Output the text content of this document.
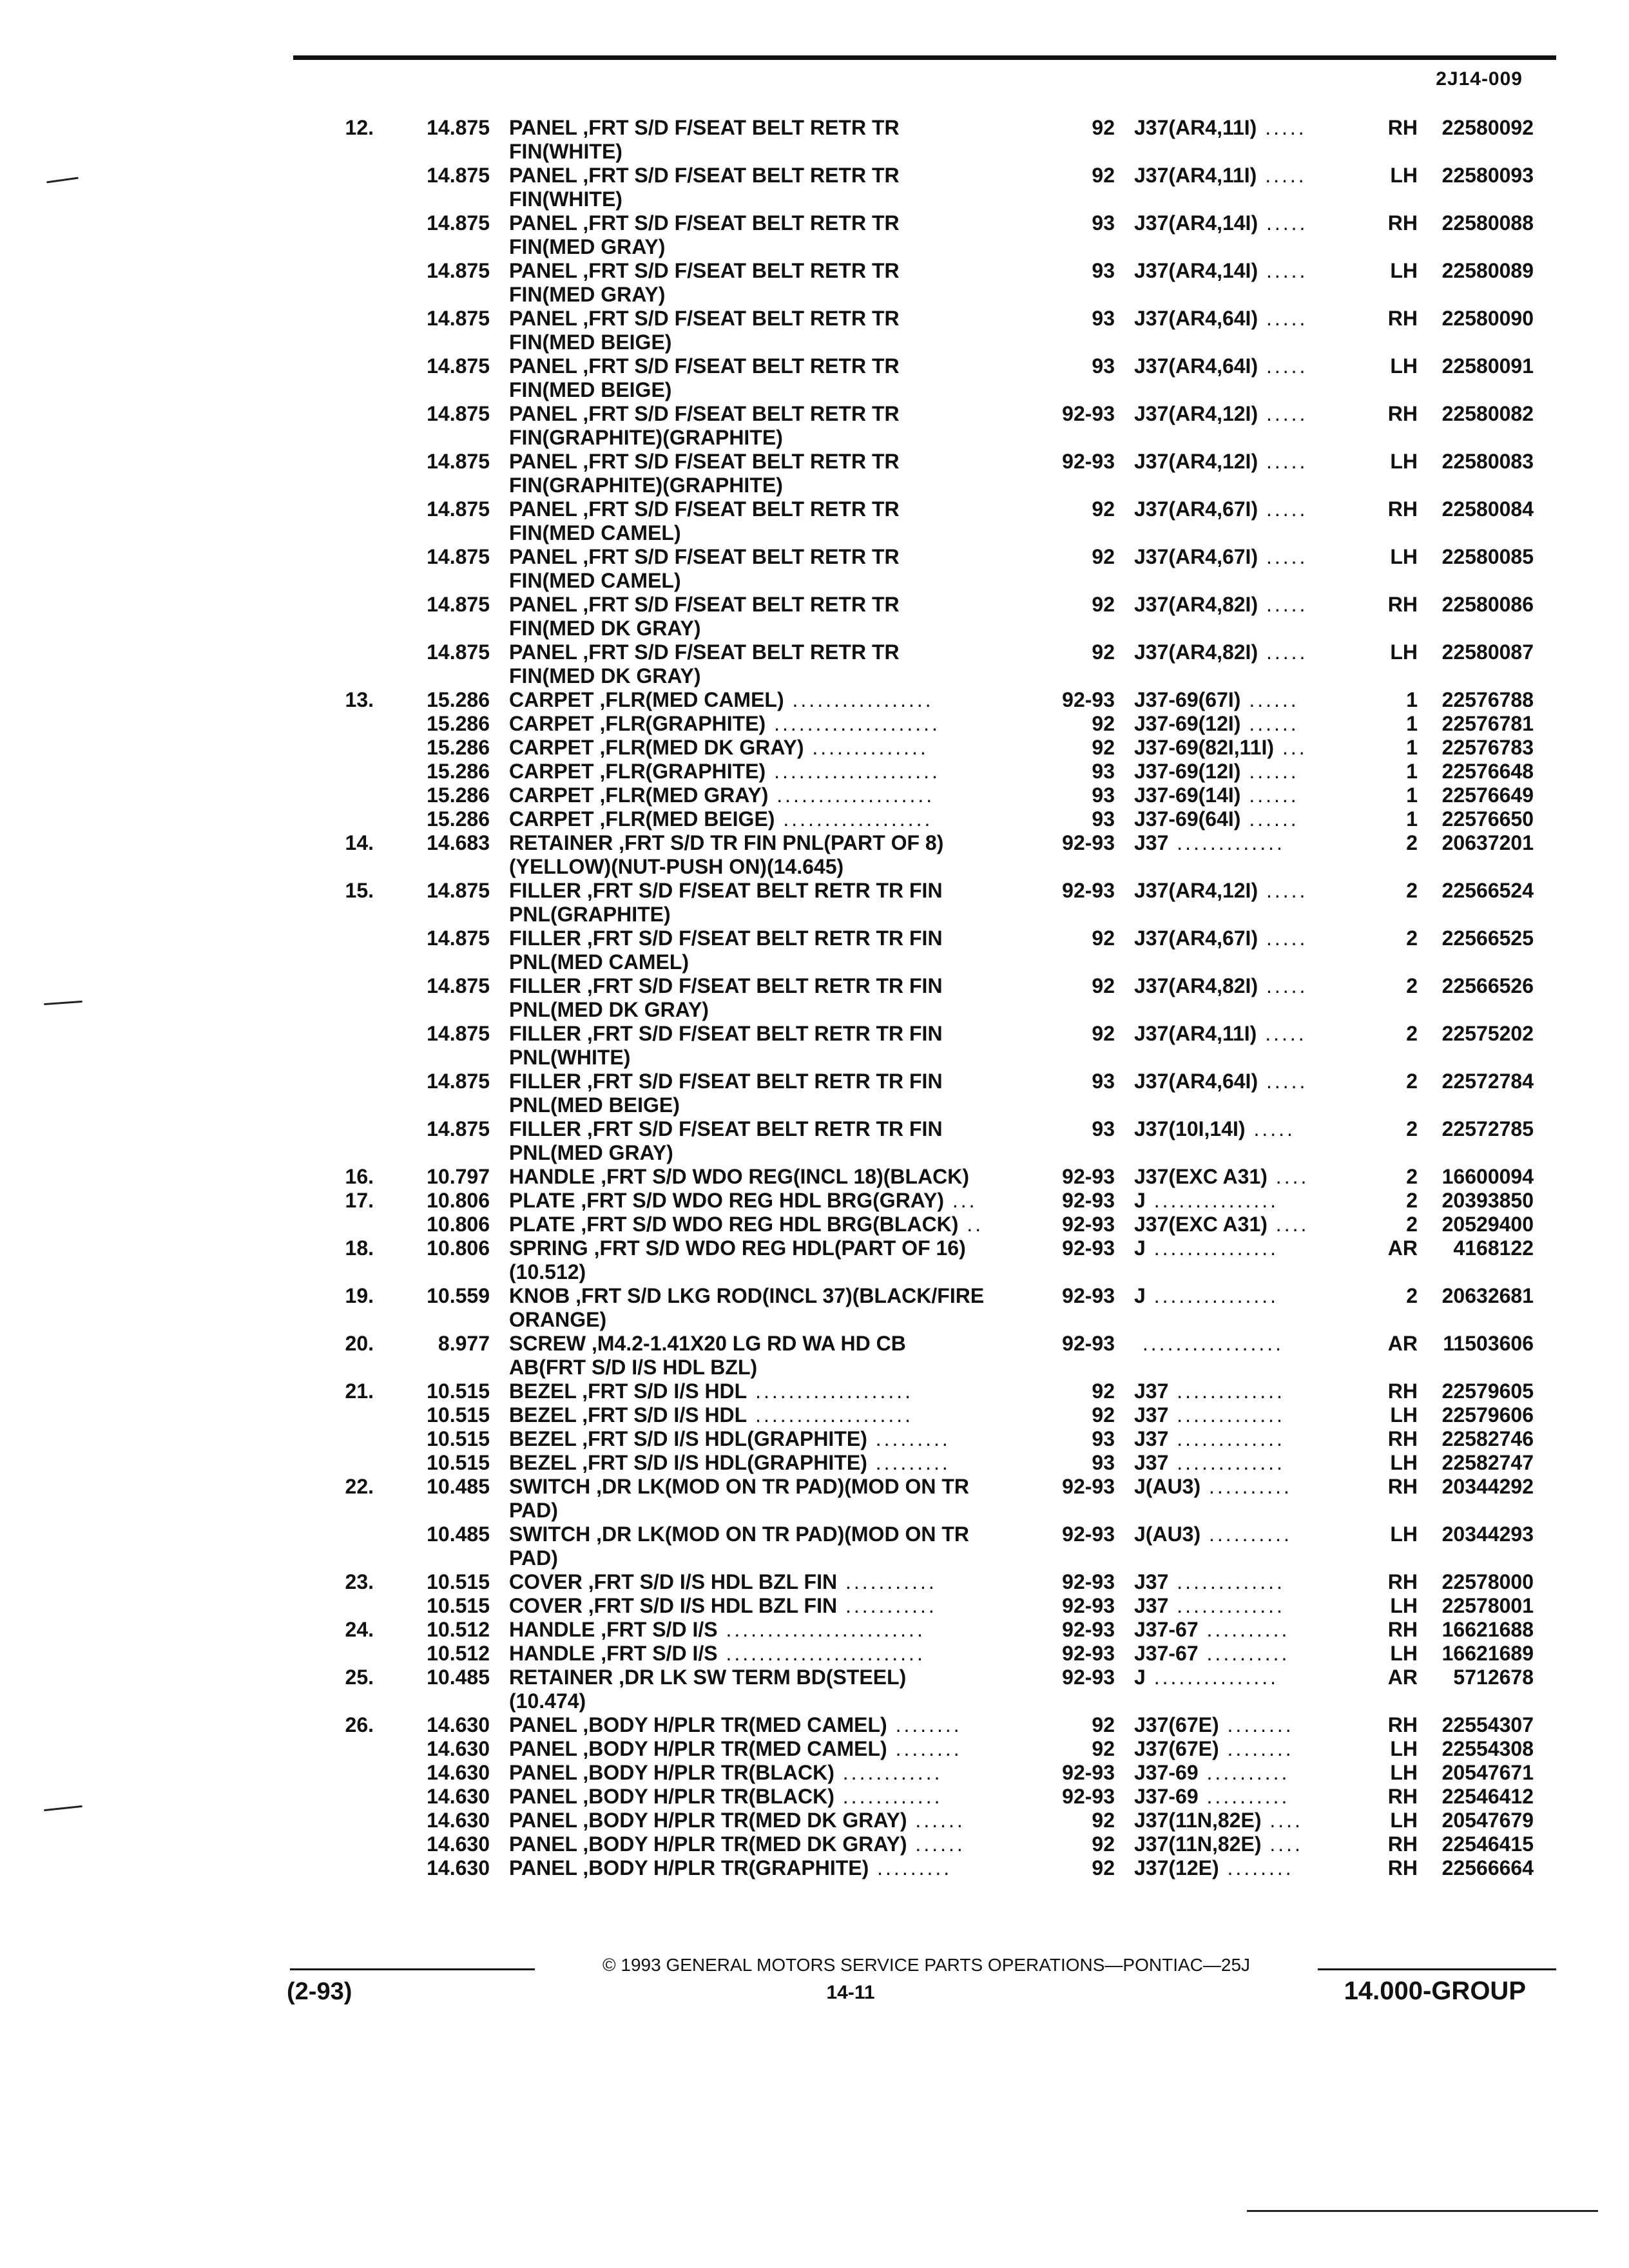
2J14-009
12.	14.875 PANEL ,FRT S/D F/SEAT BELT RETR TR	92 J37(AR4,11I) .....	RH	22580092
FIN(WHITE)
14.875 PANEL ,FRT S/D F/SEAT BELT RETR TR	92 J37(AR4,11I) .....	LH	22580093
FIN(WHITE)
14.875 PANEL ,FRT S/D F/SEAT BELT RETR TR	93 J37(AR4,14I) .....	RH	22580088
FIN(MED GRAY)
14.875 PANEL ,FRT S/D F/SEAT BELT RETR TR	93 J37(AR4,14I) .....	LH	22580089
FIN(MED GRAY)
14.875 PANEL ,FRT S/D F/SEAT BELT RETR TR	93 J37(AR4,64I) .....	RH	22580090
FIN(MED BEIGE)
14.875 PANEL ,FRT S/D F/SEAT BELT RETR TR	93 J37(AR4,64I) .....	LH	22580091
FIN(MED BEIGE)
14.875 PANEL ,FRT S/D F/SEAT BELT RETR TR	92-93 J37(AR4,12I) .....	RH	22580082
FIN(GRAPHITE)(GRAPHITE)
14.875 PANEL ,FRT S/D F/SEAT BELT RETR TR	92-93 J37(AR4,12I) .....	LH	22580083
FIN(GRAPHITE)(GRAPHITE)
14.875 PANEL ,FRT S/D F/SEAT BELT RETR TR	92 J37(AR4,67I) .....	RH	22580084
FIN(MED CAMEL)
14.875 PANEL ,FRT S/D F/SEAT BELT RETR TR	92 J37(AR4,67I) .....	LH	22580085
FIN(MED CAMEL)
14.875 PANEL ,FRT S/D F/SEAT BELT RETR TR	92 J37(AR4,82I) .....	RH	22580086
FIN(MED DK GRAY)
14.875 PANEL ,FRT S/D F/SEAT BELT RETR TR	92 J37(AR4,82I) .....	LH	22580087
FIN(MED DK GRAY)
13.	15.286 CARPET ,FLR(MED CAMEL) .................	92-93 J37-69(67I) ......	1	22576788
15.286 CARPET ,FLR(GRAPHITE) ....................	92 J37-69(12I) ......	1	22576781
15.286 CARPET ,FLR(MED DK GRAY) ..............	92 J37-69(82I,11I) ...	1	22576783
15.286 CARPET ,FLR(GRAPHITE) ....................	93 J37-69(12I) ......	1	22576648
15.286 CARPET ,FLR(MED GRAY) ...................	93 J37-69(14I) ......	1	22576649
15.286 CARPET ,FLR(MED BEIGE) ..................	93 J37-69(64I) ......	1	22576650
14.	14.683 RETAINER ,FRT S/D TR FIN PNL(PART OF 8)	92-93 J37 .............	2	20637201
(YELLOW)(NUT-PUSH ON)(14.645)
15.	14.875 FILLER ,FRT S/D F/SEAT BELT RETR TR FIN	92-93 J37(AR4,12I) .....	2	22566524
PNL(GRAPHITE)
14.875 FILLER ,FRT S/D F/SEAT BELT RETR TR FIN	92 J37(AR4,67I) .....	2	22566525
PNL(MED CAMEL)
14.875 FILLER ,FRT S/D F/SEAT BELT RETR TR FIN	92 J37(AR4,82I) .....	2	22566526
PNL(MED DK GRAY)
14.875 FILLER ,FRT S/D F/SEAT BELT RETR TR FIN	92 J37(AR4,11I) .....	2	22575202
PNL(WHITE)
14.875 FILLER ,FRT S/D F/SEAT BELT RETR TR FIN	93 J37(AR4,64I) .....	2	22572784
PNL(MED BEIGE)
14.875 FILLER ,FRT S/D F/SEAT BELT RETR TR FIN	93 J37(10I,14I) .....	2	22572785
PNL(MED GRAY)
16.	10.797 HANDLE ,FRT S/D WDO REG(INCL 18)(BLACK)	92-93 J37(EXC A31) ....	2	16600094
17.	10.806 PLATE ,FRT S/D WDO REG HDL BRG(GRAY) ...	92-93 J ...............	2	20393850
10.806 PLATE ,FRT S/D WDO REG HDL BRG(BLACK) ..	92-93 J37(EXC A31) ....	2	20529400
18.	10.806 SPRING ,FRT S/D WDO REG HDL(PART OF 16)	92-93 J ...............	AR	4168122
(10.512)
19.	10.559 KNOB ,FRT S/D LKG ROD(INCL 37)(BLACK/FIRE	92-93 J ...............	2	20632681
ORANGE)
20.	8.977 SCREW ,M4.2-1.41X20 LG RD WA HD CB	92-93 .................	AR	11503606
AB(FRT S/D I/S HDL BZL)
21.	10.515 BEZEL ,FRT S/D I/S HDL ...................	92 J37 .............	RH	22579605
10.515 BEZEL ,FRT S/D I/S HDL ...................	92 J37 .............	LH	22579606
10.515 BEZEL ,FRT S/D I/S HDL(GRAPHITE) .........	93 J37 .............	RH	22582746
10.515 BEZEL ,FRT S/D I/S HDL(GRAPHITE) .........	93 J37 .............	LH	22582747
22.	10.485 SWITCH ,DR LK(MOD ON TR PAD)(MOD ON TR	92-93 J(AU3) ..........	RH	20344292
PAD)
10.485 SWITCH ,DR LK(MOD ON TR PAD)(MOD ON TR	92-93 J(AU3) ..........	LH	20344293
PAD)
23.	10.515 COVER ,FRT S/D I/S HDL BZL FIN ...........	92-93 J37 .............	RH	22578000
10.515 COVER ,FRT S/D I/S HDL BZL FIN ...........	92-93 J37 .............	LH	22578001
24.	10.512 HANDLE ,FRT S/D I/S ........................	92-93 J37-67 ..........	RH	16621688
10.512 HANDLE ,FRT S/D I/S ........................	92-93 J37-67 ..........	LH	16621689
25.	10.485 RETAINER ,DR LK SW TERM BD(STEEL)	92-93 J ...............	AR	5712678
(10.474)
26.	14.630 PANEL ,BODY H/PLR TR(MED CAMEL) ........	92 J37(67E) ........	RH	22554307
14.630 PANEL ,BODY H/PLR TR(MED CAMEL) ........	92 J37(67E) ........	LH	22554308
14.630 PANEL ,BODY H/PLR TR(BLACK) ............	92-93 J37-69 ..........	LH	20547671
14.630 PANEL ,BODY H/PLR TR(BLACK) ............	92-93 J37-69 ..........	RH	22546412
14.630 PANEL ,BODY H/PLR TR(MED DK GRAY) ......	92 J37(11N,82E) ....	LH	20547679
14.630 PANEL ,BODY H/PLR TR(MED DK GRAY) ......	92 J37(11N,82E) ....	RH	22546415
14.630 PANEL ,BODY H/PLR TR(GRAPHITE) .........	92 J37(12E) ........	RH	22566664
© 1993 GENERAL MOTORS SERVICE PARTS OPERATIONS—PONTIAC—25J
(2-93)	14-11	14.000-GROUP
